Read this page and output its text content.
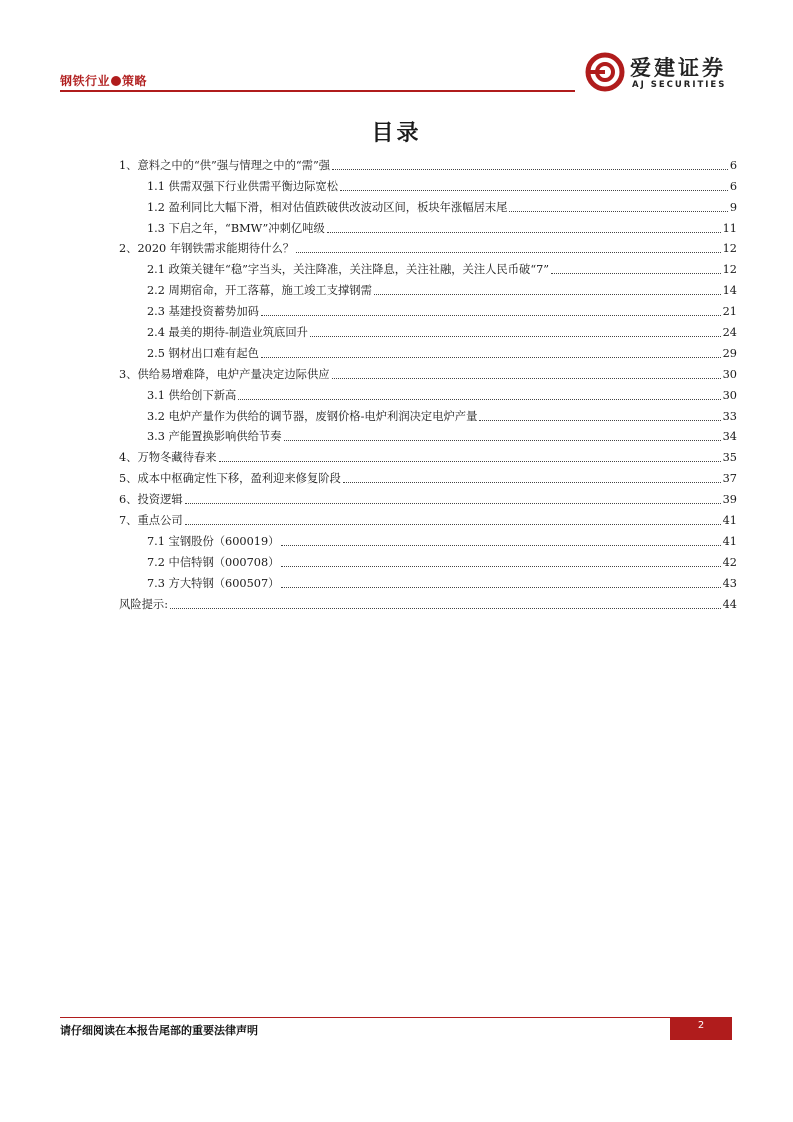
钢铁行业 策略
爱建证券
AJ SECURITIES
目录
1、意料之中的“供”强与情理之中的“需”强	6
1.1 供需双强下行业供需平衡边际宽松	6
1.2 盈利同比大幅下滑，相对估值跌破供改波动区间，板块年涨幅居末尾	9
1.3 下启之年，“BMW”冲刺亿吨级	11
2、2020 年钢铁需求能期待什么？	12
2.1 政策关键年“稳”字当头，关注降准，关注降息，关注社融，关注人民币破“7”	12
2.2 周期宿命，开工落幕，施工竣工支撑钢需	14
2.3 基建投资蓄势加码	21
2.4 最美的期待-制造业筑底回升	24
2.5 钢材出口难有起色	29
3、供给易增难降，电炉产量决定边际供应	30
3.1 供给创下新高	30
3.2 电炉产量作为供给的调节器，废钢价格-电炉利润决定电炉产量	33
3.3 产能置换影响供给节奏	34
4、万物冬藏待春来	35
5、成本中枢确定性下移，盈利迎来修复阶段	37
6、投资逻辑	39
7、重点公司	41
7.1 宝钢股份（600019）	41
7.2 中信特钢（000708）	42
7.3 方大特钢（600507）	43
风险提示:	44
请仔细阅读在本报告尾部的重要法律声明	2
